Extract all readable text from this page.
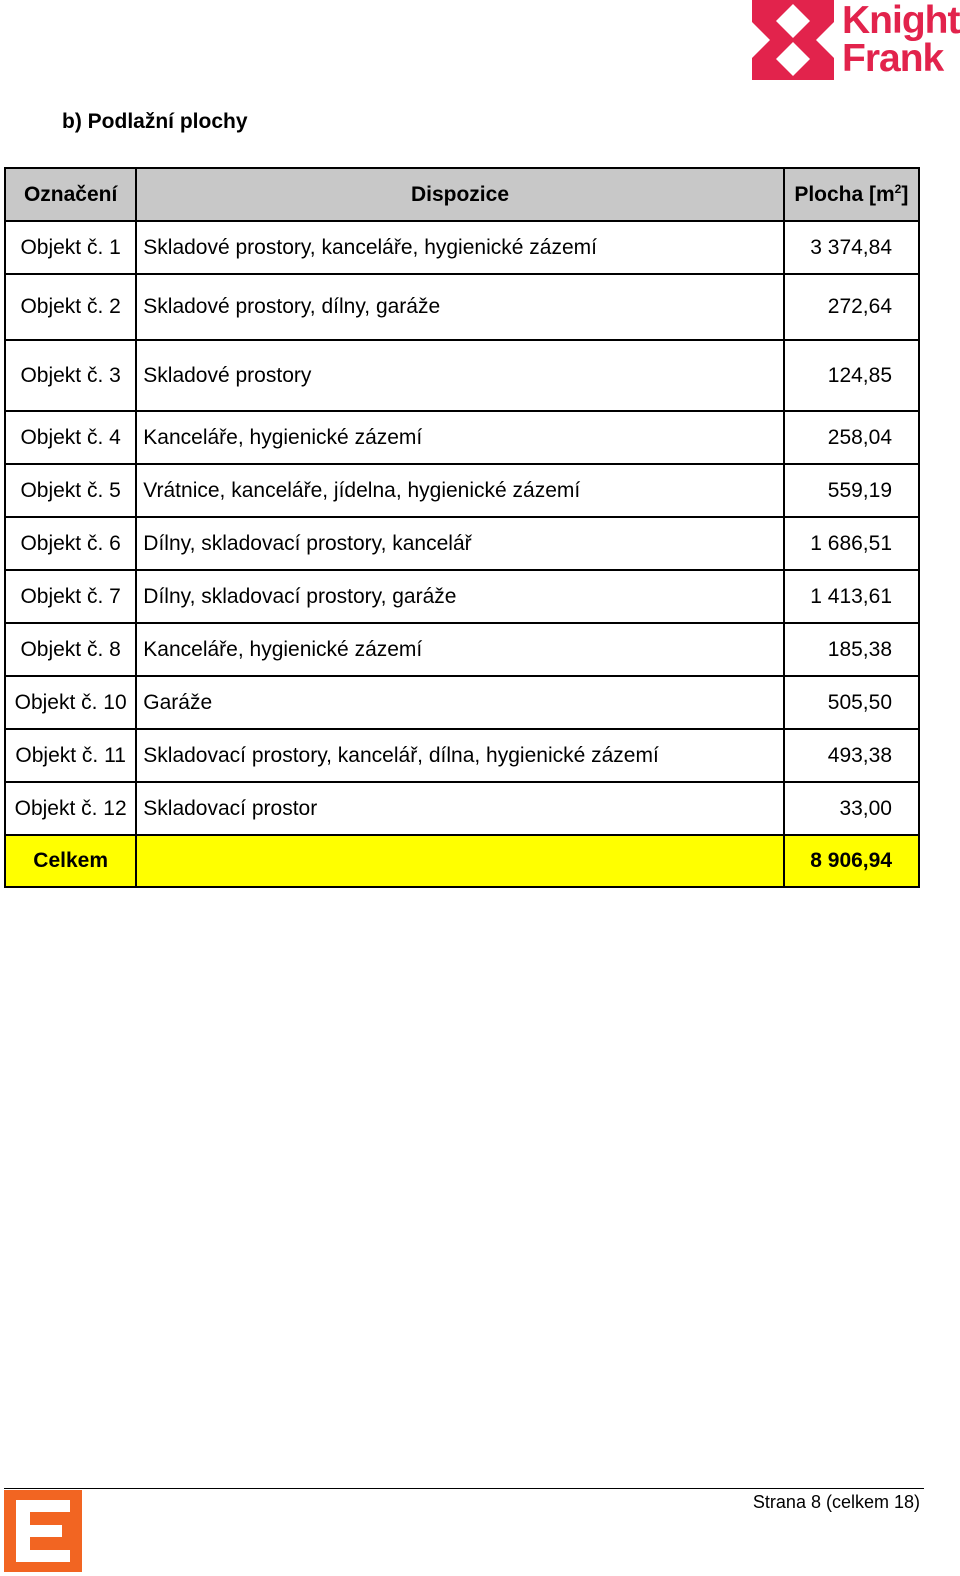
Knight
Frank
b) Podlažní plochy
Označení	Dispozice	Plocha $[m^2]$
Objekt č. 1	Skladové prostory, kanceláře, hygienické zázemí	3 374,84
Objekt č. 2	Skladové prostory, dílny, garáže	272,64
Objekt č. 3	Skladové prostory	124,85
Objekt č. 4	Kanceláře, hygienické zázemí	258,04
Objekt č. 5	Vrátnice, kanceláře, jídelna, hygienické zázemí	559,19
Objekt č. 6	Dílny, skladovací prostory, kancelář	1 686,51
Objekt č. 7	Dílny, skladovací prostory, garáže	1 413,61
Objekt č. 8	Kanceláře, hygienické zázemí	185,38
Objekt č. 10	Garáže	505,50
Objekt č. 11	Skladovací prostory, kancelář, dílna, hygienické zázemí	493,38
Objekt č. 12	Skladovací prostor	33,00
Celkem		8 906,94
Strana 8 (celkem 18)
